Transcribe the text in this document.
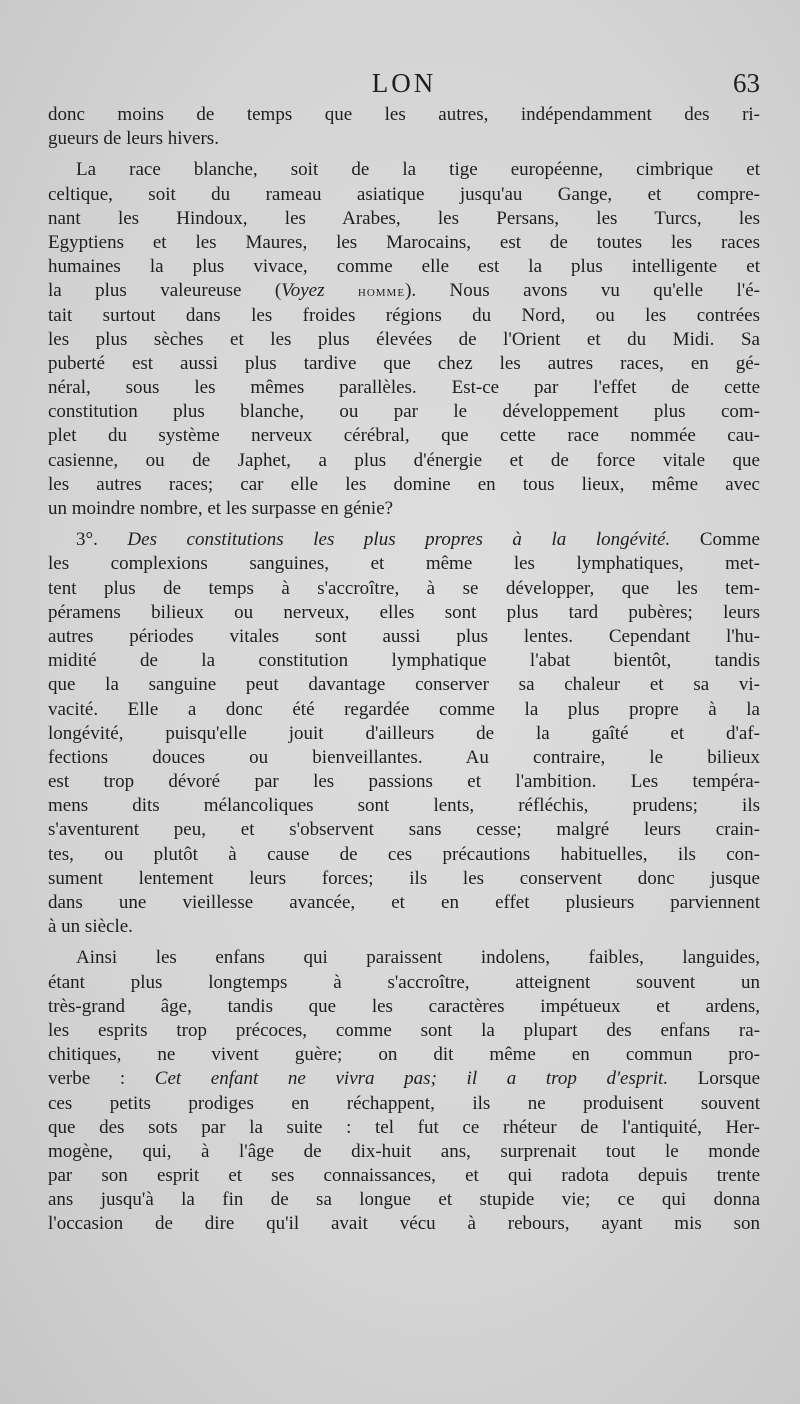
LON	63
donc moins de temps que les autres, indépendamment des ri-
gueurs de leurs hivers.
La race blanche, soit de la tige européenne, cimbrique et
celtique, soit du rameau asiatique jusqu'au Gange, et compre-
nant les Hindoux, les Arabes, les Persans, les Turcs, les
Egyptiens et les Maures, les Marocains, est de toutes les races
humaines la plus vivace, comme elle est la plus intelligente et
la plus valeureuse (Voyez homme). Nous avons vu qu'elle l'é-
tait surtout dans les froides régions du Nord, ou les contrées
les plus sèches et les plus élevées de l'Orient et du Midi. Sa
puberté est aussi plus tardive que chez les autres races, en gé-
néral, sous les mêmes parallèles. Est-ce par l'effet de cette
constitution plus blanche, ou par le développement plus com-
plet du système nerveux cérébral, que cette race nommée cau-
casienne, ou de Japhet, a plus d'énergie et de force vitale que
les autres races; car elle les domine en tous lieux, même avec
un moindre nombre, et les surpasse en génie?
3°. Des constitutions les plus propres à la longévité. Comme
les complexions sanguines, et même les lymphatiques, met-
tent plus de temps à s'accroître, à se développer, que les tem-
péramens bilieux ou nerveux, elles sont plus tard pubères; leurs
autres périodes vitales sont aussi plus lentes. Cependant l'hu-
midité de la constitution lymphatique l'abat bientôt, tandis
que la sanguine peut davantage conserver sa chaleur et sa vi-
vacité. Elle a donc été regardée comme la plus propre à la
longévité, puisqu'elle jouit d'ailleurs de la gaîté et d'af-
fections douces ou bienveillantes. Au contraire, le bilieux
est trop dévoré par les passions et l'ambition. Les tempéra-
mens dits mélancoliques sont lents, réfléchis, prudens; ils
s'aventurent peu, et s'observent sans cesse; malgré leurs crain-
tes, ou plutôt à cause de ces précautions habituelles, ils con-
sument lentement leurs forces; ils les conservent donc jusque
dans une vieillesse avancée, et en effet plusieurs parviennent
à un siècle.
Ainsi les enfans qui paraissent indolens, faibles, languides,
étant plus longtemps à s'accroître, atteignent souvent un
très-grand âge, tandis que les caractères impétueux et ardens,
les esprits trop précoces, comme sont la plupart des enfans ra-
chitiques, ne vivent guère; on dit même en commun pro-
verbe : Cet enfant ne vivra pas; il a trop d'esprit. Lorsque
ces petits prodiges en réchappent, ils ne produisent souvent
que des sots par la suite : tel fut ce rhéteur de l'antiquité, Her-
mogène, qui, à l'âge de dix-huit ans, surprenait tout le monde
par son esprit et ses connaissances, et qui radota depuis trente
ans jusqu'à la fin de sa longue et stupide vie; ce qui donna
l'occasion de dire qu'il avait vécu à rebours, ayant mis son
